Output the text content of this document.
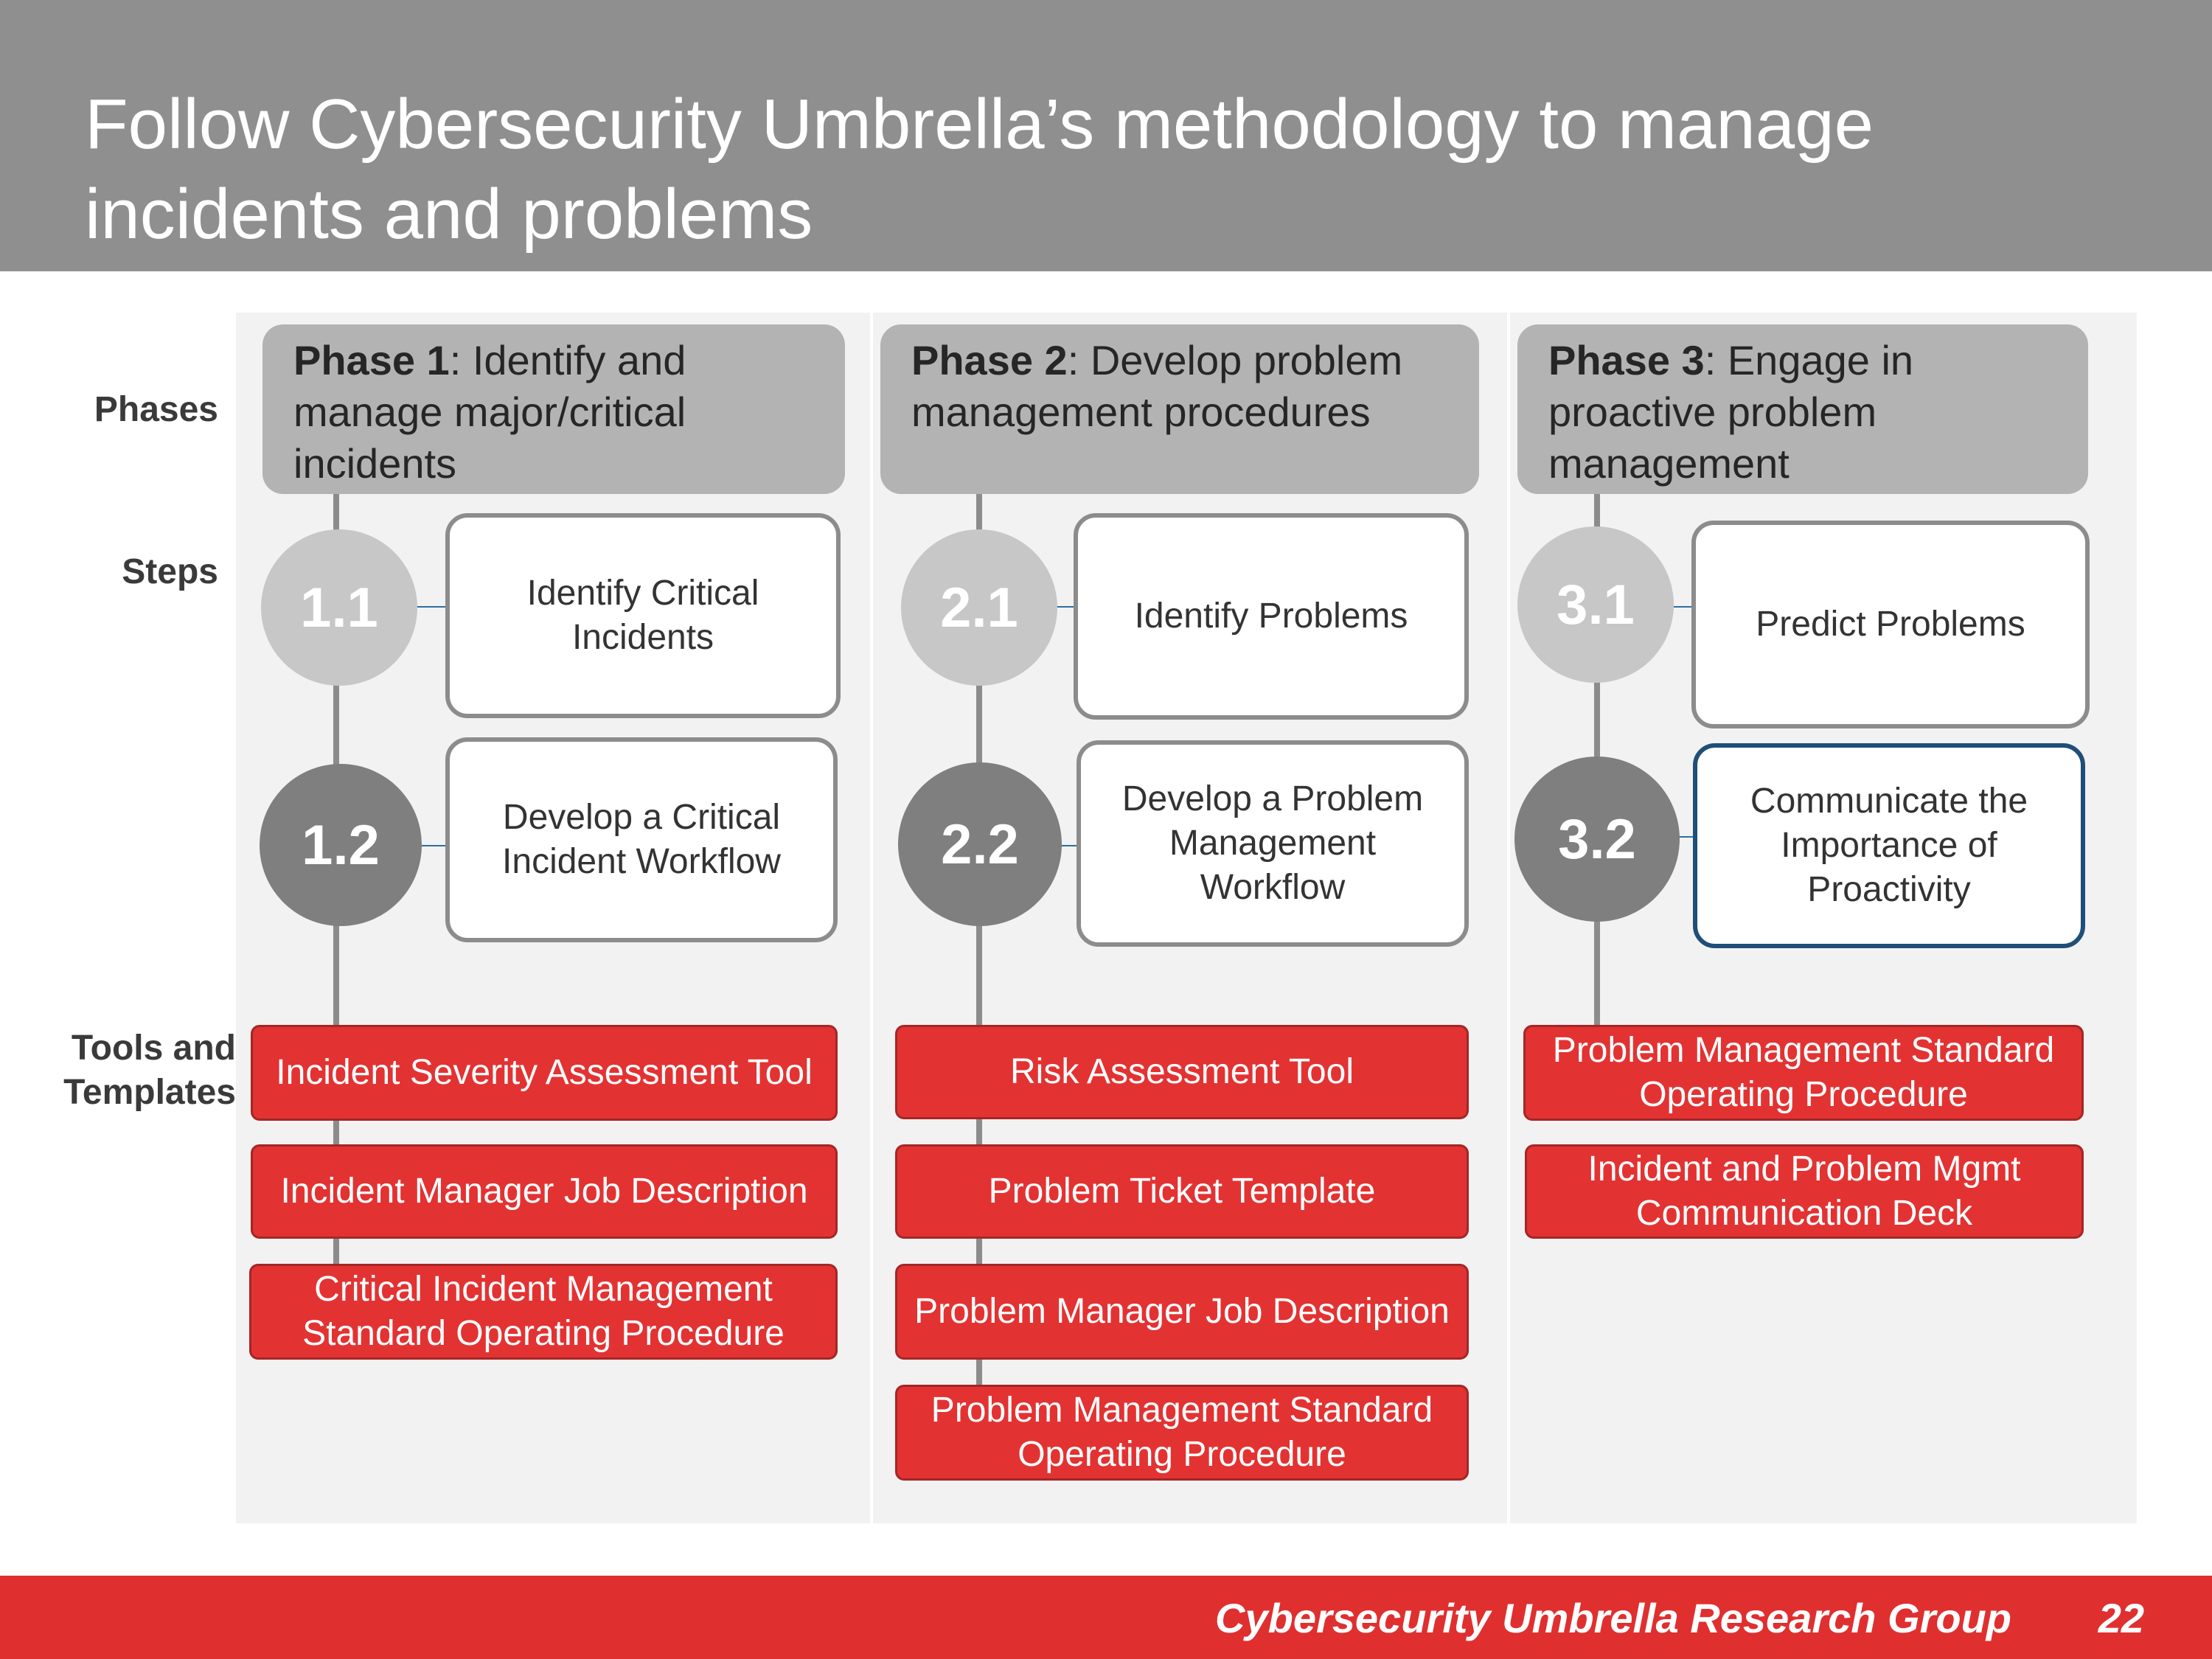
Follow Cybersecurity Umbrella’s methodology to manage incidents and problems
Phases
Steps
Tools and
Templates
Phase 1: Identify and manage major/critical incidents
Phase 2: Develop problem management procedures
Phase 3: Engage in proactive problem management
1.1	Identify Critical Incidents
1.2	Develop a Critical Incident Workflow
2.1	Identify Problems
2.2
Develop a Problem Management Workflow
3.1	Predict Problems
3.2
Communicate the Importance of Proactivity
Incident Severity Assessment Tool
Incident Manager Job Description
Critical Incident Management Standard Operating Procedure
Risk Assessment Tool
Problem Ticket Template
Problem Manager Job Description
Problem Management Standard Operating Procedure
Problem Management Standard Operating Procedure
Incident and Problem Mgmt Communication Deck
Cybersecurity Umbrella Research Group 22
